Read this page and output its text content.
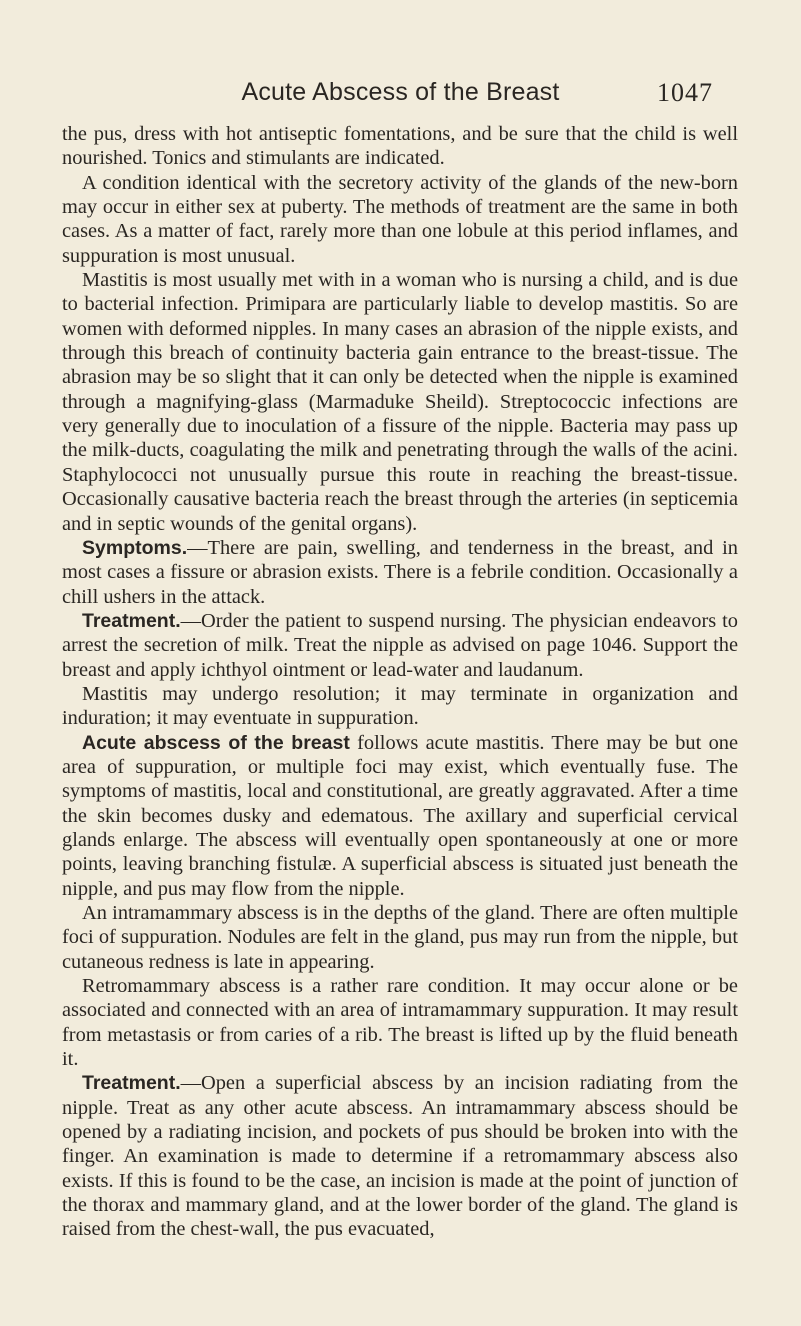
Acute Abscess of the Breast	1047

the pus, dress with hot antiseptic fomentations, and be sure that the child is well nourished. Tonics and stimulants are indicated.

A condition identical with the secretory activity of the glands of the new-born may occur in either sex at puberty. The methods of treatment are the same in both cases. As a matter of fact, rarely more than one lobule at this period inflames, and suppuration is most unusual.

Mastitis is most usually met with in a woman who is nursing a child, and is due to bacterial infection. Primipara are particularly liable to develop mastitis. So are women with deformed nipples. In many cases an abrasion of the nipple exists, and through this breach of continuity bacteria gain entrance to the breast-tissue. The abrasion may be so slight that it can only be detected when the nipple is examined through a magnifying-glass (Marmaduke Sheild). Streptococcic infections are very generally due to inoculation of a fissure of the nipple. Bacteria may pass up the milk-ducts, coagulating the milk and penetrating through the walls of the acini. Staphylococci not unusually pursue this route in reaching the breast-tissue. Occasionally causative bacteria reach the breast through the arteries (in septicemia and in septic wounds of the genital organs).

Symptoms.—There are pain, swelling, and tenderness in the breast, and in most cases a fissure or abrasion exists. There is a febrile condition. Occasionally a chill ushers in the attack.

Treatment.—Order the patient to suspend nursing. The physician endeavors to arrest the secretion of milk. Treat the nipple as advised on page 1046. Support the breast and apply ichthyol ointment or lead-water and laudanum.

Mastitis may undergo resolution; it may terminate in organization and induration; it may eventuate in suppuration.

Acute abscess of the breast follows acute mastitis. There may be but one area of suppuration, or multiple foci may exist, which eventually fuse. The symptoms of mastitis, local and constitutional, are greatly aggravated. After a time the skin becomes dusky and edematous. The axillary and superficial cervical glands enlarge. The abscess will eventually open spontaneously at one or more points, leaving branching fistulæ. A superficial abscess is situated just beneath the nipple, and pus may flow from the nipple.

An intramammary abscess is in the depths of the gland. There are often multiple foci of suppuration. Nodules are felt in the gland, pus may run from the nipple, but cutaneous redness is late in appearing.

Retromammary abscess is a rather rare condition. It may occur alone or be associated and connected with an area of intramammary suppuration. It may result from metastasis or from caries of a rib. The breast is lifted up by the fluid beneath it.

Treatment.—Open a superficial abscess by an incision radiating from the nipple. Treat as any other acute abscess. An intramammary abscess should be opened by a radiating incision, and pockets of pus should be broken into with the finger. An examination is made to determine if a retromammary abscess also exists. If this is found to be the case, an incision is made at the point of junction of the thorax and mammary gland, and at the lower border of the gland. The gland is raised from the chest-wall, the pus evacuated,
